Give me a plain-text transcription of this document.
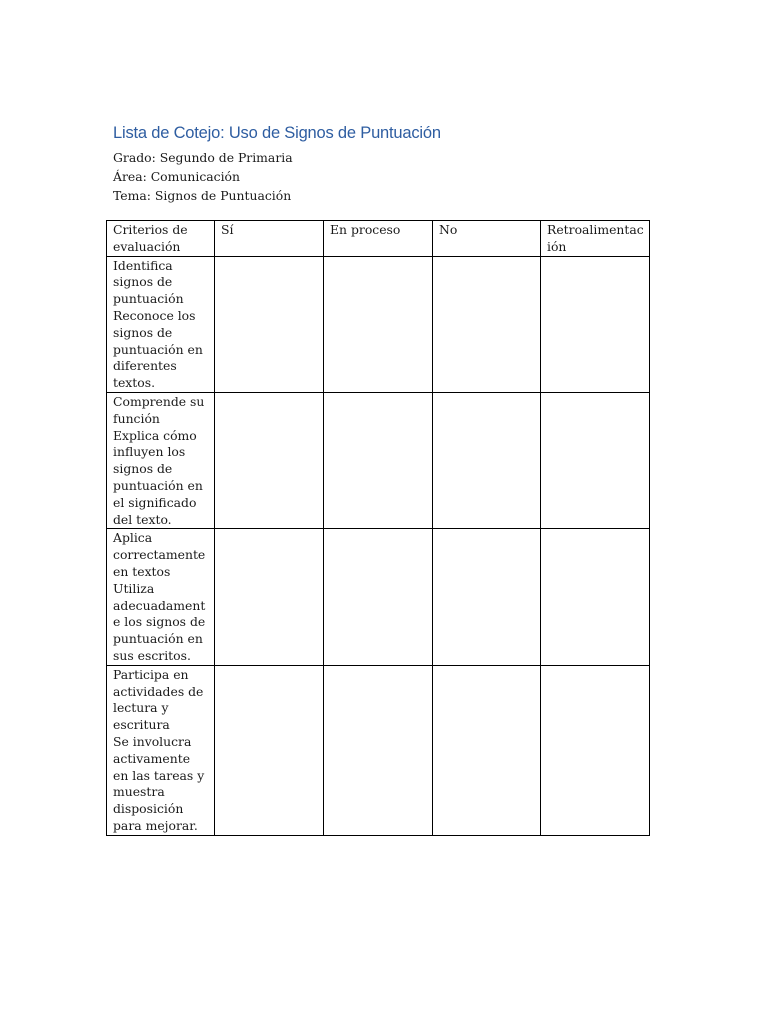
Lista de Cotejo: Uso de Signos de Puntuación
Grado: Segundo de Primaria
Área: Comunicación
Tema: Signos de Puntuación
Criterios de evaluación	Sí	En proceso	No	Retroalimentación

Identifica signos de puntuación
Reconoce los signos de puntuación en diferentes textos.				

Comprende su función
Explica cómo influyen los signos de puntuación en el significado del texto.				

Aplica correctamente en textos
Utiliza adecuadamente los signos de puntuación en sus escritos.				

Participa en actividades de lectura y escritura
Se involucra activamente en las tareas y muestra disposición para mejorar.				
